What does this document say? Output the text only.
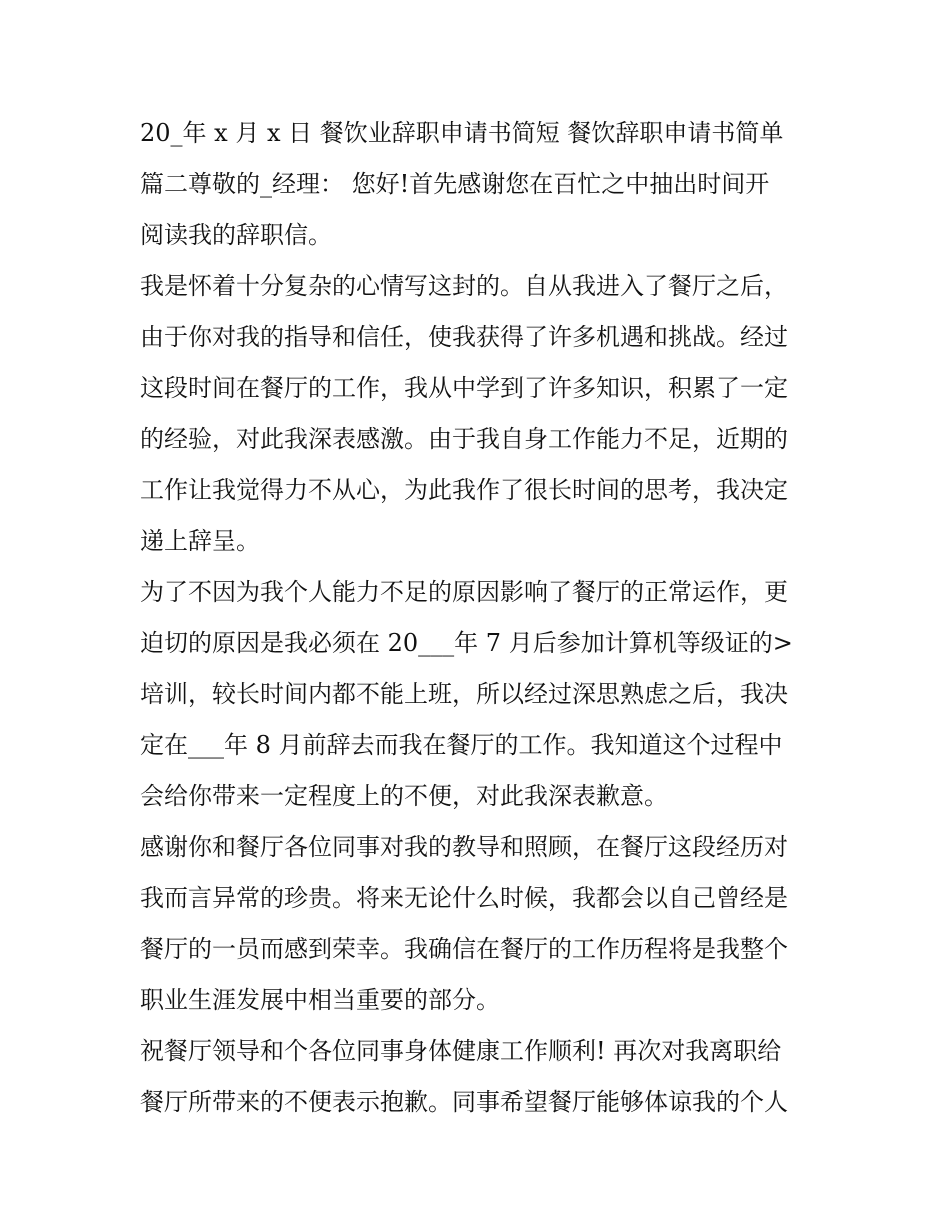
20_年 x 月 x 日 餐饮业辞职申请书简短 餐饮辞职申请书简单
篇二尊敬的_经理： 您好!首先感谢您在百忙之中抽出时间开
阅读我的辞职信。
我是怀着十分复杂的心情写这封的。自从我进入了餐厅之后，
由于你对我的指导和信任，使我获得了许多机遇和挑战。经过
这段时间在餐厅的工作，我从中学到了许多知识，积累了一定
的经验，对此我深表感激。由于我自身工作能力不足，近期的
工作让我觉得力不从心，为此我作了很长时间的思考，我决定
递上辞呈。
为了不因为我个人能力不足的原因影响了餐厅的正常运作，更
迫切的原因是我必须在 20___年 7 月后参加计算机等级证的>
培训，较长时间内都不能上班，所以经过深思熟虑之后，我决
定在___年 8 月前辞去而我在餐厅的工作。我知道这个过程中
会给你带来一定程度上的不便，对此我深表歉意。
感谢你和餐厅各位同事对我的教导和照顾，在餐厅这段经历对
我而言异常的珍贵。将来无论什么时候，我都会以自己曾经是
餐厅的一员而感到荣幸。我确信在餐厅的工作历程将是我整个
职业生涯发展中相当重要的部分。
祝餐厅领导和个各位同事身体健康工作顺利! 再次对我离职给
餐厅所带来的不便表示抱歉。同事希望餐厅能够体谅我的个人
